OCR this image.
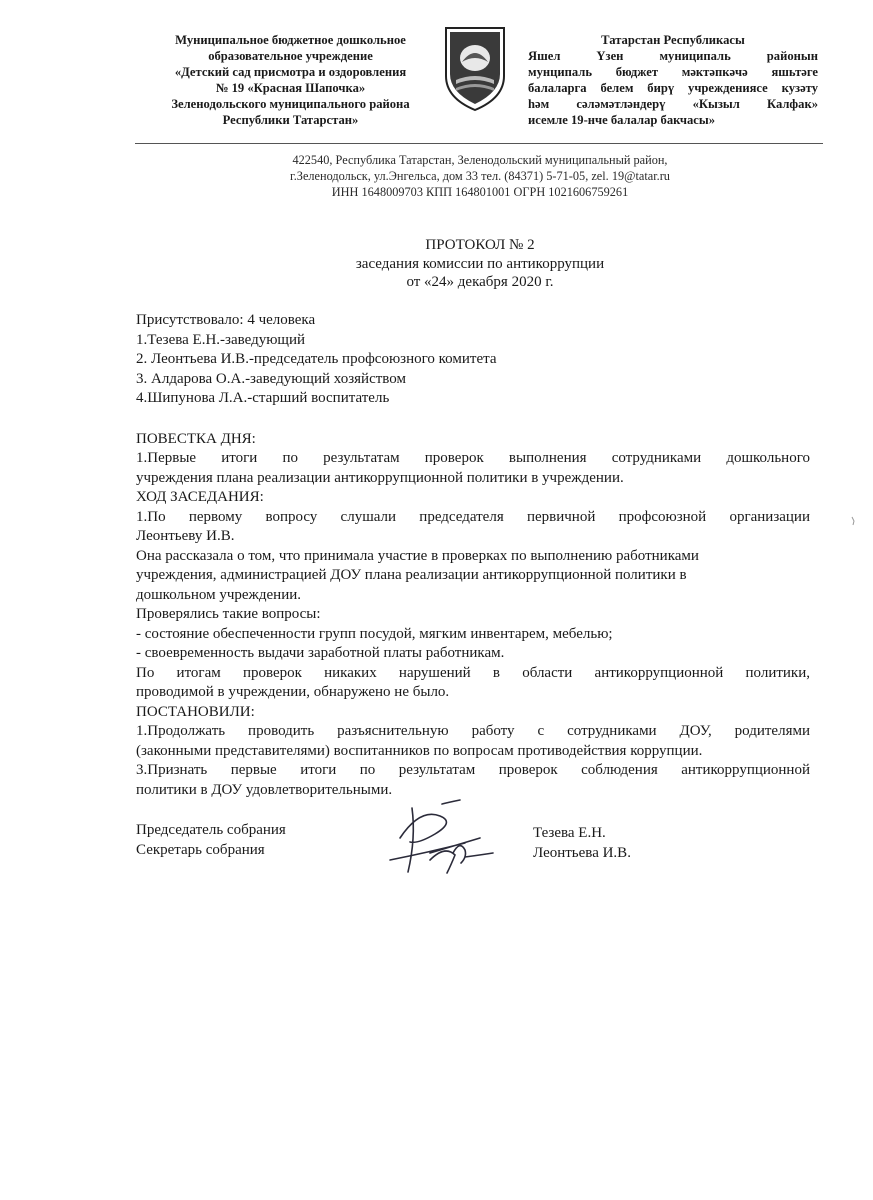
Муниципальное бюджетное дошкольное
образовательное учреждение
«Детский сад присмотра и оздоровления
№ 19 «Красная Шапочка»
Зеленодольского муниципального района
Республики Татарстан»
Татарстан Республикасы
Яшел Үзен муниципаль районын
мунципаль бюджет мәктәпкәчә яшьтәге
балаларга белем бирү учреждениясе кузәту
һәм сәләмәтләндерү «Кызыл Калфак»
исемле 19-нче балалар бакчасы»
422540, Республика Татарстан, Зеленодольский муниципальный район,
г.Зеленодольск, ул.Энгельса, дом 33 тел. (84371) 5-71-05, zel. 19@tatar.ru
ИНН 1648009703 КПП 164801001 ОГРН 1021606759261
ПРОТОКОЛ № 2
заседания комиссии по антикоррупции
от «24» декабря 2020 г.

Присутствовало: 4 человека

1.Тезева Е.Н.-заведующий

2. Леонтьева И.В.-председатель профсоюзного комитета

3. Алдарова О.А.-заведующий хозяйством

4.Шипунова Л.А.-старший воспитатель

ПОВЕСТКА ДНЯ:

1.Первые итоги по результатам проверок выполнения сотрудниками дошкольного

учреждения плана реализации антикоррупционной политики в учреждении.

ХОД ЗАСЕДАНИЯ:

1.По первому вопросу слушали председателя первичной профсоюзной организации

Леонтьеву И.В.

Она рассказала о том, что принимала участие в проверках по выполнению работниками

учреждения, администрацией ДОУ плана реализации антикоррупционной политики в

дошкольном учреждении.

Проверялись такие вопросы:

- состояние обеспеченности групп посудой, мягким инвентарем, мебелью;

- своевременность выдачи заработной платы работникам.

По итогам проверок никаких нарушений в области антикоррупционной политики,

проводимой в учреждении, обнаружено не было.

ПОСТАНОВИЛИ:

1.Продолжать проводить разъяснительную работу с сотрудниками ДОУ, родителями

(законными представителями) воспитанников по вопросам противодействия коррупции.

3.Признать первые итоги по результатам проверок соблюдения антикоррупционной

политики в ДОУ удовлетворительными.

Председатель собрания
Секретарь собрания
Тезева Е.Н.
Леонтьева И.В.
